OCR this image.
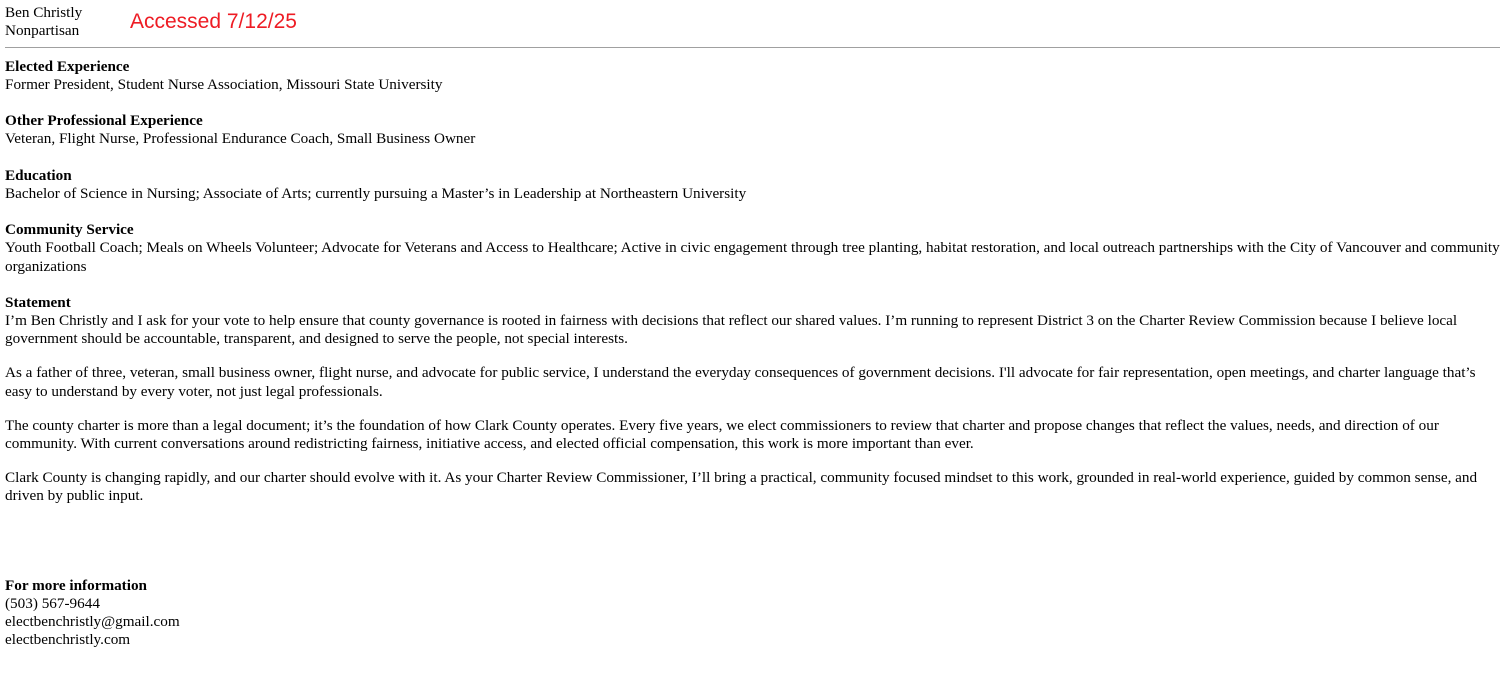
Ben Christly
Nonpartisan Accessed 7/12/25
Elected Experience
Former President, Student Nurse Association, Missouri State University
Other Professional Experience
Veteran, Flight Nurse, Professional Endurance Coach, Small Business Owner
Education
Bachelor of Science in Nursing; Associate of Arts; currently pursuing a Master’s in Leadership at Northeastern University
Community Service
Youth Football Coach; Meals on Wheels Volunteer; Advocate for Veterans and Access to Healthcare; Active in civic engagement through tree planting, habitat restoration, and local outreach partnerships with the City of Vancouver and community organizations
Statement

I’m Ben Christly and I ask for your vote to help ensure that county governance is rooted in fairness with decisions that reflect our shared values. I’m running to represent District 3 on the Charter Review Commission because I believe local government should be accountable, transparent, and designed to serve the people, not special interests.

As a father of three, veteran, small business owner, flight nurse, and advocate for public service, I understand the everyday consequences of government decisions. I'll advocate for fair representation, open meetings, and charter language that’s easy to understand by every voter, not just legal professionals.

The county charter is more than a legal document; it’s the foundation of how Clark County operates. Every five years, we elect commissioners to review that charter and propose changes that reflect the values, needs, and direction of our community. With current conversations around redistricting fairness, initiative access, and elected official compensation, this work is more important than ever.

Clark County is changing rapidly, and our charter should evolve with it. As your Charter Review Commissioner, I’ll bring a practical, community focused mindset to this work, grounded in real-world experience, guided by common sense, and driven by public input.

For more information
(503) 567-9644
electbenchristly@gmail.com
electbenchristly.com
